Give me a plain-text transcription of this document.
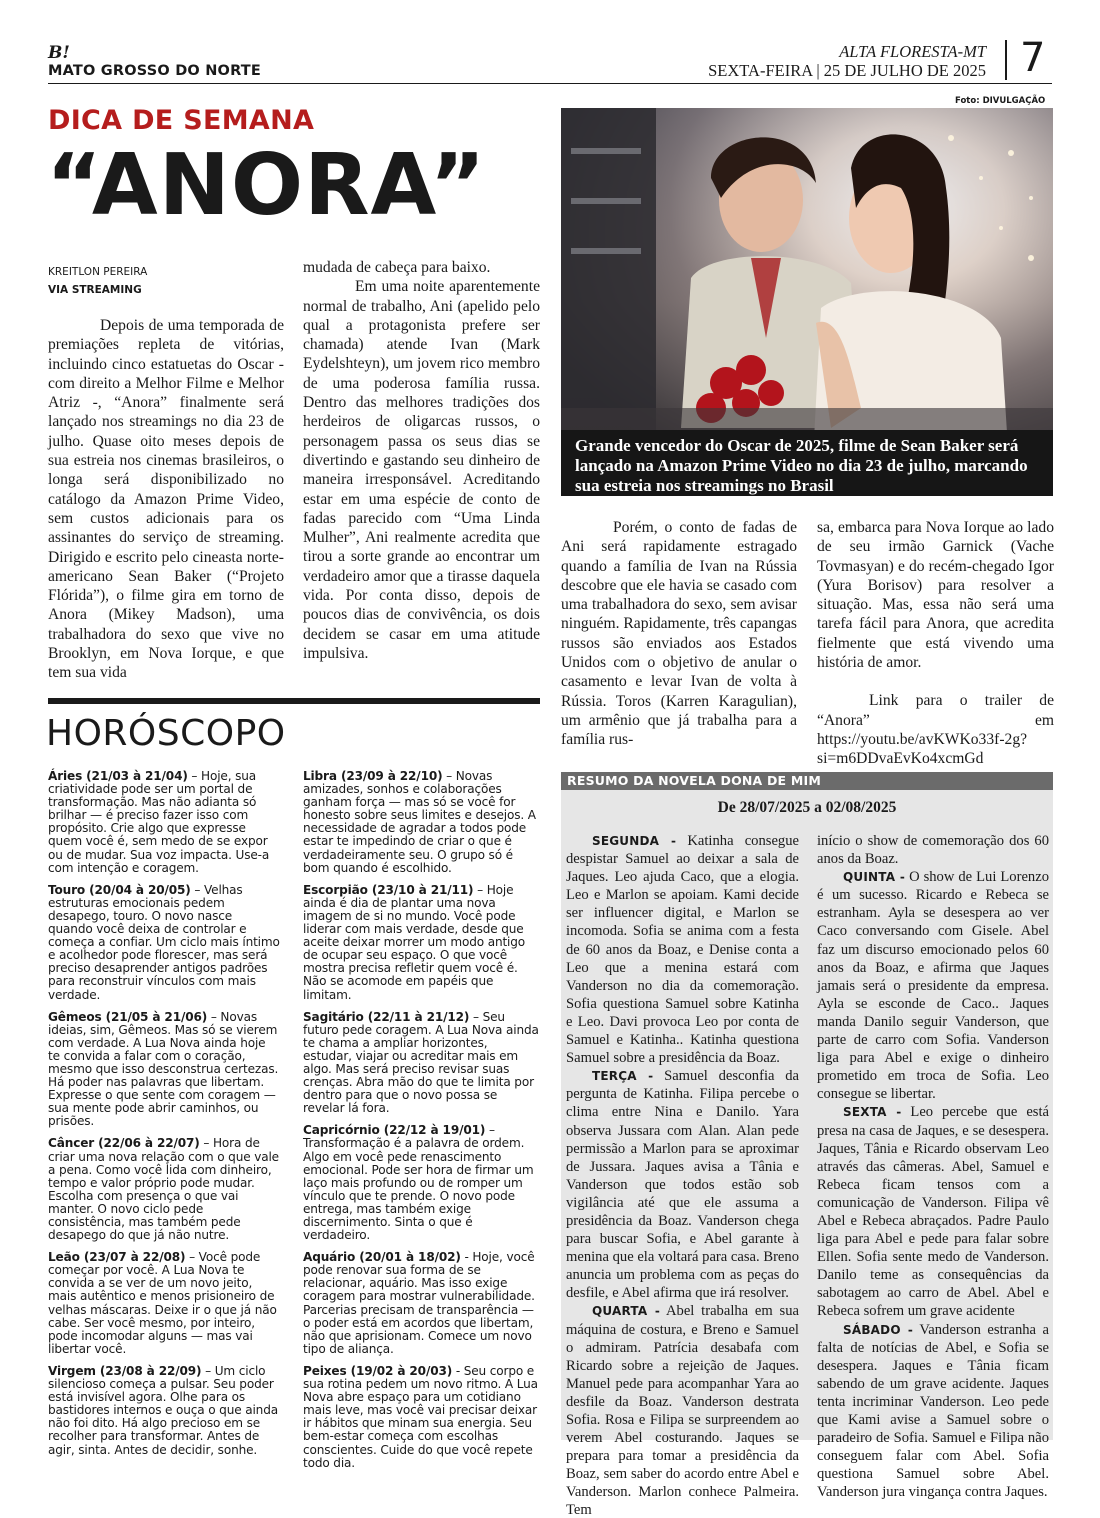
B!
MATO GROSSO DO NORTE
ALTA FLORESTA-MT
SEXTA-FEIRA | 25 DE JULHO DE 2025 7
DICA DE SEMANA
“ANORA”
KREITLON PEREIRA
VIA STREAMING

Depois de uma temporada de premiações repleta de vitórias, incluindo cinco estatuetas do Oscar - com direito a Melhor Filme e Melhor Atriz -, “Anora” finalmente será lançado nos streamings no dia 23 de julho. Quase oito meses depois de sua estreia nos cinemas brasileiros, o longa será disponibilizado no catálogo da Amazon Prime Video, sem custos adicionais para os assinantes do serviço de streaming. Dirigido e escrito pelo cineasta norte-americano Sean Baker (“Projeto Flórida”), o filme gira em torno de Anora (Mikey Madson), uma trabalhadora do sexo que vive no Brooklyn, em Nova Iorque, e que tem sua vida

mudada de cabeça para baixo.

Em uma noite aparentemente normal de trabalho, Ani (apelido pelo qual a protagonista prefere ser chamada) atende Ivan (Mark Eydelshteyn), um jovem rico membro de uma poderosa família russa. Dentro das melhores tradições dos herdeiros de oligarcas russos, o personagem passa os seus dias se divertindo e gastando seu dinheiro de maneira irresponsável. Acreditando estar em uma espécie de conto de fadas parecido com “Uma Linda Mulher”, Ani realmente acredita que tirou a sorte grande ao encontrar um verdadeiro amor que a tirasse daquela vida. Por conta disso, depois de poucos dias de convivência, os dois decidem se casar em uma atitude impulsiva.

Porém, o conto de fadas de Ani será rapidamente estragado quando a família de Ivan na Rússia descobre que ele havia se casado com uma trabalhadora do sexo, sem avisar ninguém. Rapidamente, três capangas russos são enviados aos Estados Unidos com o objetivo de anular o casamento e levar Ivan de volta à Rússia. Toros (Karren Karagulian), um armênio que já trabalha para a família rus-

sa, embarca para Nova Iorque ao lado de seu irmão Garnick (Vache Tovmasyan) e do recém-chegado Igor (Yura Borisov) para resolver a situação. Mas, essa não será uma tarefa fácil para Anora, que acredita fielmente que está vivendo uma história de amor.

Link para o trailer de “Anora” em https://youtu.be/avKWKo33f-2g?si=m6DDvaEvKo4xcmGd

Foto: DIVULGAÇÃO
Grande vencedor do Oscar de 2025, filme de Sean Baker será lançado na Amazon Prime Video no dia 23 de julho, marcando sua estreia nos streamings no Brasil
HORÓSCOPO

Áries (21/03 à 21/04) – Hoje, sua criatividade pode ser um portal de transformação. Mas não adianta só brilhar — é preciso fazer isso com propósito. Crie algo que expresse quem você é, sem medo de se expor ou de mudar. Sua voz impacta. Use-a com intenção e coragem.

Touro (20/04 à 20/05) – Velhas estruturas emocionais pedem desapego, touro. O novo nasce quando você deixa de controlar e começa a confiar. Um ciclo mais íntimo e acolhedor pode florescer, mas será preciso desaprender antigos padrões para reconstruir vínculos com mais verdade.

Gêmeos (21/05 à 21/06) – Novas ideias, sim, Gêmeos. Mas só se vierem com verdade. A Lua Nova ainda hoje te convida a falar com o coração, mesmo que isso desconstrua certezas. Há poder nas palavras que libertam. Expresse o que sente com coragem — sua mente pode abrir caminhos, ou prisões.

Câncer (22/06 à 22/07) – Hora de criar uma nova relação com o que vale a pena. Como você lida com dinheiro, tempo e valor próprio pode mudar. Escolha com presença o que vai manter. O novo ciclo pede consistência, mas também pede desapego do que já não nutre.

Leão (23/07 à 22/08) – Você pode começar por você. A Lua Nova te convida a se ver de um novo jeito, mais autêntico e menos prisioneiro de velhas máscaras. Deixe ir o que já não cabe. Ser você mesmo, por inteiro, pode incomodar alguns — mas vai libertar você.

Virgem (23/08 à 22/09) – Um ciclo silencioso começa a pulsar. Seu poder está invisível agora. Olhe para os bastidores internos e ouça o que ainda não foi dito. Há algo precioso em se recolher para transformar. Antes de agir, sinta. Antes de decidir, sonhe.

Libra (23/09 à 22/10) – Novas amizades, sonhos e colaborações ganham força — mas só se você for honesto sobre seus limites e desejos. A necessidade de agradar a todos pode estar te impedindo de criar o que é verdadeiramente seu. O grupo só é bom quando é escolhido.

Escorpião (23/10 à 21/11) – Hoje ainda é dia de plantar uma nova imagem de si no mundo. Você pode liderar com mais verdade, desde que aceite deixar morrer um modo antigo de ocupar seu espaço. O que você mostra precisa refletir quem você é. Não se acomode em papéis que limitam.

Sagitário (22/11 à 21/12) – Seu futuro pede coragem. A Lua Nova ainda te chama a ampliar horizontes, estudar, viajar ou acreditar mais em algo. Mas será preciso revisar suas crenças. Abra mão do que te limita por dentro para que o novo possa se revelar lá fora.

Capricórnio (22/12 à 19/01) – Transformação é a palavra de ordem. Algo em você pede renascimento emocional. Pode ser hora de firmar um laço mais profundo ou de romper um vínculo que te prende. O novo pode entrega, mas também exige discernimento. Sinta o que é verdadeiro.

Aquário (20/01 à 18/02) - Hoje, você pode renovar sua forma de se relacionar, aquário. Mas isso exige coragem para mostrar vulnerabilidade. Parcerias precisam de transparência — o poder está em acordos que libertam, não que aprisionam. Comece um novo tipo de aliança.

Peixes (19/02 à 20/03) - Seu corpo e sua rotina pedem um novo ritmo. A Lua Nova abre espaço para um cotidiano mais leve, mas você vai precisar deixar ir hábitos que minam sua energia. Seu bem-estar começa com escolhas conscientes. Cuide do que você repete todo dia.

RESUMO DA NOVELA DONA DE MIM
De 28/07/2025 a 02/08/2025

SEGUNDA - Katinha consegue despistar Samuel ao deixar a sala de Jaques. Leo ajuda Caco, que a elogia. Leo e Marlon se apoiam. Kami decide ser influencer digital, e Marlon se incomoda. Sofia se anima com a festa de 60 anos da Boaz, e Denise conta a Leo que a menina estará com Vanderson no dia da comemoração. Sofia questiona Samuel sobre Katinha e Leo. Davi provoca Leo por conta de Samuel e Katinha.. Katinha questiona Samuel sobre a presidência da Boaz.

TERÇA - Samuel desconfia da pergunta de Katinha. Filipa percebe o clima entre Nina e Danilo. Yara observa Jussara com Alan. Alan pede permissão a Marlon para se aproximar de Jussara. Jaques avisa a Tânia e Vanderson que todos estão sob vigilância até que ele assuma a presidência da Boaz. Vanderson chega para buscar Sofia, e Abel garante à menina que ela voltará para casa. Breno anuncia um problema com as peças do desfile, e Abel afirma que irá resolver.

QUARTA - Abel trabalha em sua máquina de costura, e Breno e Samuel o admiram. Patrícia desabafa com Ricardo sobre a rejeição de Jaques. Manuel pede para acompanhar Yara ao desfile da Boaz. Vanderson destrata Sofia. Rosa e Filipa se surpreendem ao verem Abel costurando. Jaques se prepara para tomar a presidência da Boaz, sem saber do acordo entre Abel e Vanderson. Marlon conhece Palmeira. Tem

início o show de comemoração dos 60 anos da Boaz.

QUINTA - O show de Lui Lorenzo é um sucesso. Ricardo e Rebeca se estranham. Ayla se desespera ao ver Caco conversando com Gisele. Abel faz um discurso emocionado pelos 60 anos da Boaz, e afirma que Jaques jamais será o presidente da empresa. Ayla se esconde de Caco.. Jaques manda Danilo seguir Vanderson, que parte de carro com Sofia. Vanderson liga para Abel e exige o dinheiro prometido em troca de Sofia. Leo consegue se libertar.

SEXTA - Leo percebe que está presa na casa de Jaques, e se desespera. Jaques, Tânia e Ricardo observam Leo através das câmeras. Abel, Samuel e Rebeca ficam tensos com a comunicação de Vanderson. Filipa vê Abel e Rebeca abraçados. Padre Paulo liga para Abel e pede para falar sobre Ellen. Sofia sente medo de Vanderson. Danilo teme as consequências da sabotagem ao carro de Abel. Abel e Rebeca sofrem um grave acidente

SÁBADO - Vanderson estranha a falta de notícias de Abel, e Sofia se desespera. Jaques e Tânia ficam sabendo de um grave acidente. Jaques tenta incriminar Vanderson. Leo pede que Kami avise a Samuel sobre o paradeiro de Sofia. Samuel e Filipa não conseguem falar com Abel. Sofia questiona Samuel sobre Abel. Vanderson jura vingança contra Jaques.
